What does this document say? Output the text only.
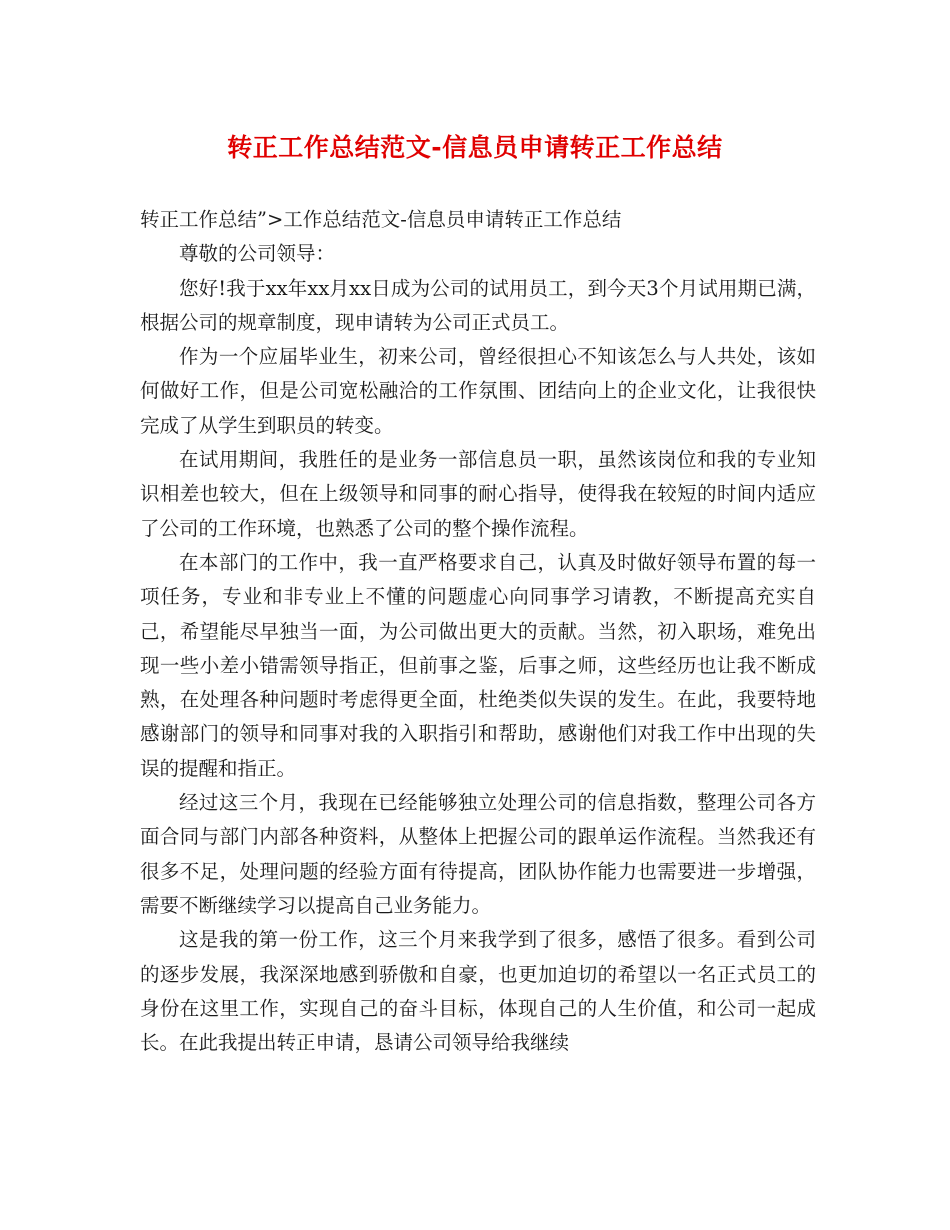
转正工作总结范文-信息员申请转正工作总结

转正工作总结”>工作总结范文-信息员申请转正工作总结

尊敬的公司领导：

您好!我于xx年xx月xx日成为公司的试用员工，到今天3个月试用期已满，根据公司的规章制度，现申请转为公司正式员工。

作为一个应届毕业生，初来公司，曾经很担心不知该怎么与人共处，该如何做好工作，但是公司宽松融洽的工作氛围、团结向上的企业文化，让我很快完成了从学生到职员的转变。

在试用期间，我胜任的是业务一部信息员一职，虽然该岗位和我的专业知识相差也较大，但在上级领导和同事的耐心指导，使得我在较短的时间内适应了公司的工作环境，也熟悉了公司的整个操作流程。

在本部门的工作中，我一直严格要求自己，认真及时做好领导布置的每一项任务，专业和非专业上不懂的问题虚心向同事学习请教，不断提高充实自己，希望能尽早独当一面，为公司做出更大的贡献。当然，初入职场，难免出现一些小差小错需领导指正，但前事之鉴，后事之师，这些经历也让我不断成熟，在处理各种问题时考虑得更全面，杜绝类似失误的发生。在此，我要特地感谢部门的领导和同事对我的入职指引和帮助，感谢他们对我工作中出现的失误的提醒和指正。

经过这三个月，我现在已经能够独立处理公司的信息指数，整理公司各方面合同与部门内部各种资料，从整体上把握公司的跟单运作流程。当然我还有很多不足，处理问题的经验方面有待提高，团队协作能力也需要进一步增强，需要不断继续学习以提高自己业务能力。

这是我的第一份工作，这三个月来我学到了很多，感悟了很多。看到公司的逐步发展，我深深地感到骄傲和自豪，也更加迫切的希望以一名正式员工的身份在这里工作，实现自己的奋斗目标，体现自己的人生价值，和公司一起成长。在此我提出转正申请，恳请公司领导给我继续
